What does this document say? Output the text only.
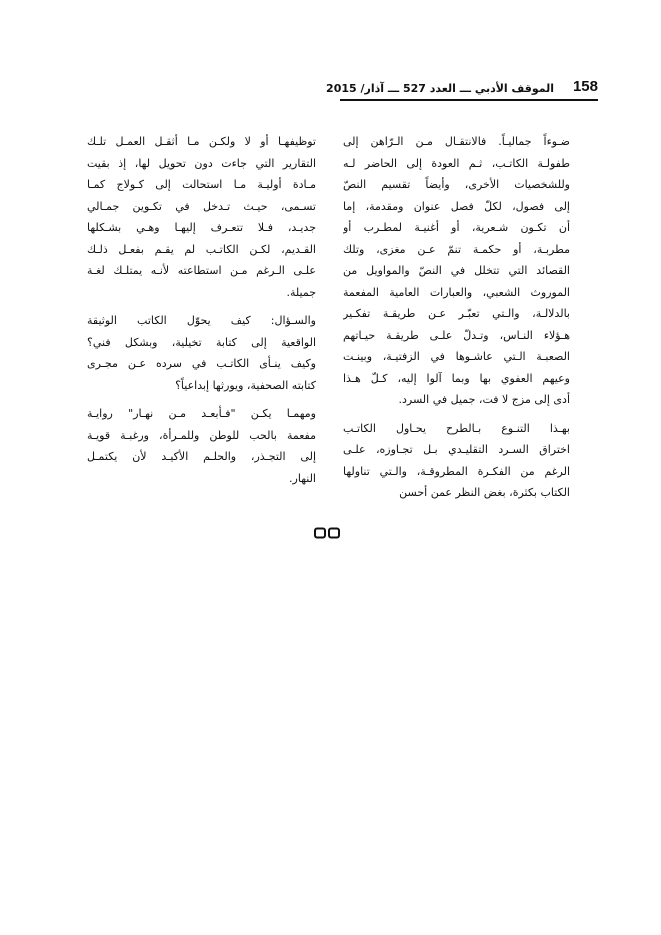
الموقف الأدبي ـــ العدد 527 ـــ آذار/ 2015 158
ضـوءاً جماليـاً. فالانتقـال مـن الـرّاهن إلى
طفولـة الكاتـب، ثـم العودة إلى الحاضر لـه
وللشخصيات الأخرى، وأيضاً تقسيم النصّ
إلى فصول، لكلّ فصل عنوان ومقدمة، إما
أن تكـون شـعرية، أو أغنيـة لمطـرب أو
مطربـة، أو حكمـة تنمّ عـن مغزى، وتلك
القصائد التي تتخلل في النصّ والمواويل من
الموروث الشعبي، والعبارات العامية المفعمة
بالدلالـة، والـتي تعبّـر عـن طريقـة تفكـير
هـؤلاء النـاس، وتـدلّ علـى طريقـة حيـاتهم
الصعبـة الـتي عاشـوها في الزفتيـة، وبينـت
وعيهم العفوي بها وبما آلوا إليه، كـلّ هـذا
أدى إلى مزج لا فت، جميل في السرد.
بهـذا التنـوع بـالطرح يحـاول الكاتـب
اختراق السـرد التقليـدي بـل تجـاوزه، علـى
الرغم من الفكـرة المطروقـة، والـتي تناولها
الكتاب بكثرة، بغض النظر عمن أحسن
توظيفهـا أو لا ولكـن مـا أثقـل العمـل تلـك
التقارير التي جاءت دون تحويل لها، إذ بقيت
مـادة أوليـة مـا استحالت إلى كـولاج كمـا
تسـمى، حيـث تـدخل في تكـوين جمـالي
جديـد، فـلا تتعـرف إليهـا وهـي بشـكلها
القـديم، لكـن الكاتـب لم يقـم بفعـل ذلـك
علـى الـرغم مـن استطاعته لأنـه يمتلـك لغـة
جميلة.
والسـؤال: كيف يحوّل الكاتب الوثيقة
الواقعية إلى كتابة تخيلية، وبشكل فني؟
وكيف ينـأى الكاتـب في سرده عـن مجـرى
كتابته الصحفية، ويورثها إبداعياً؟
ومهمـا يكـن "فـأبعـد مـن نهـار" روايـة
مفعمة بالحب للوطن وللمـرأة، ورغبـة قويـة
إلى التجـذر، والحلـم الأكيـد لأن يكتمـل
النهار.
